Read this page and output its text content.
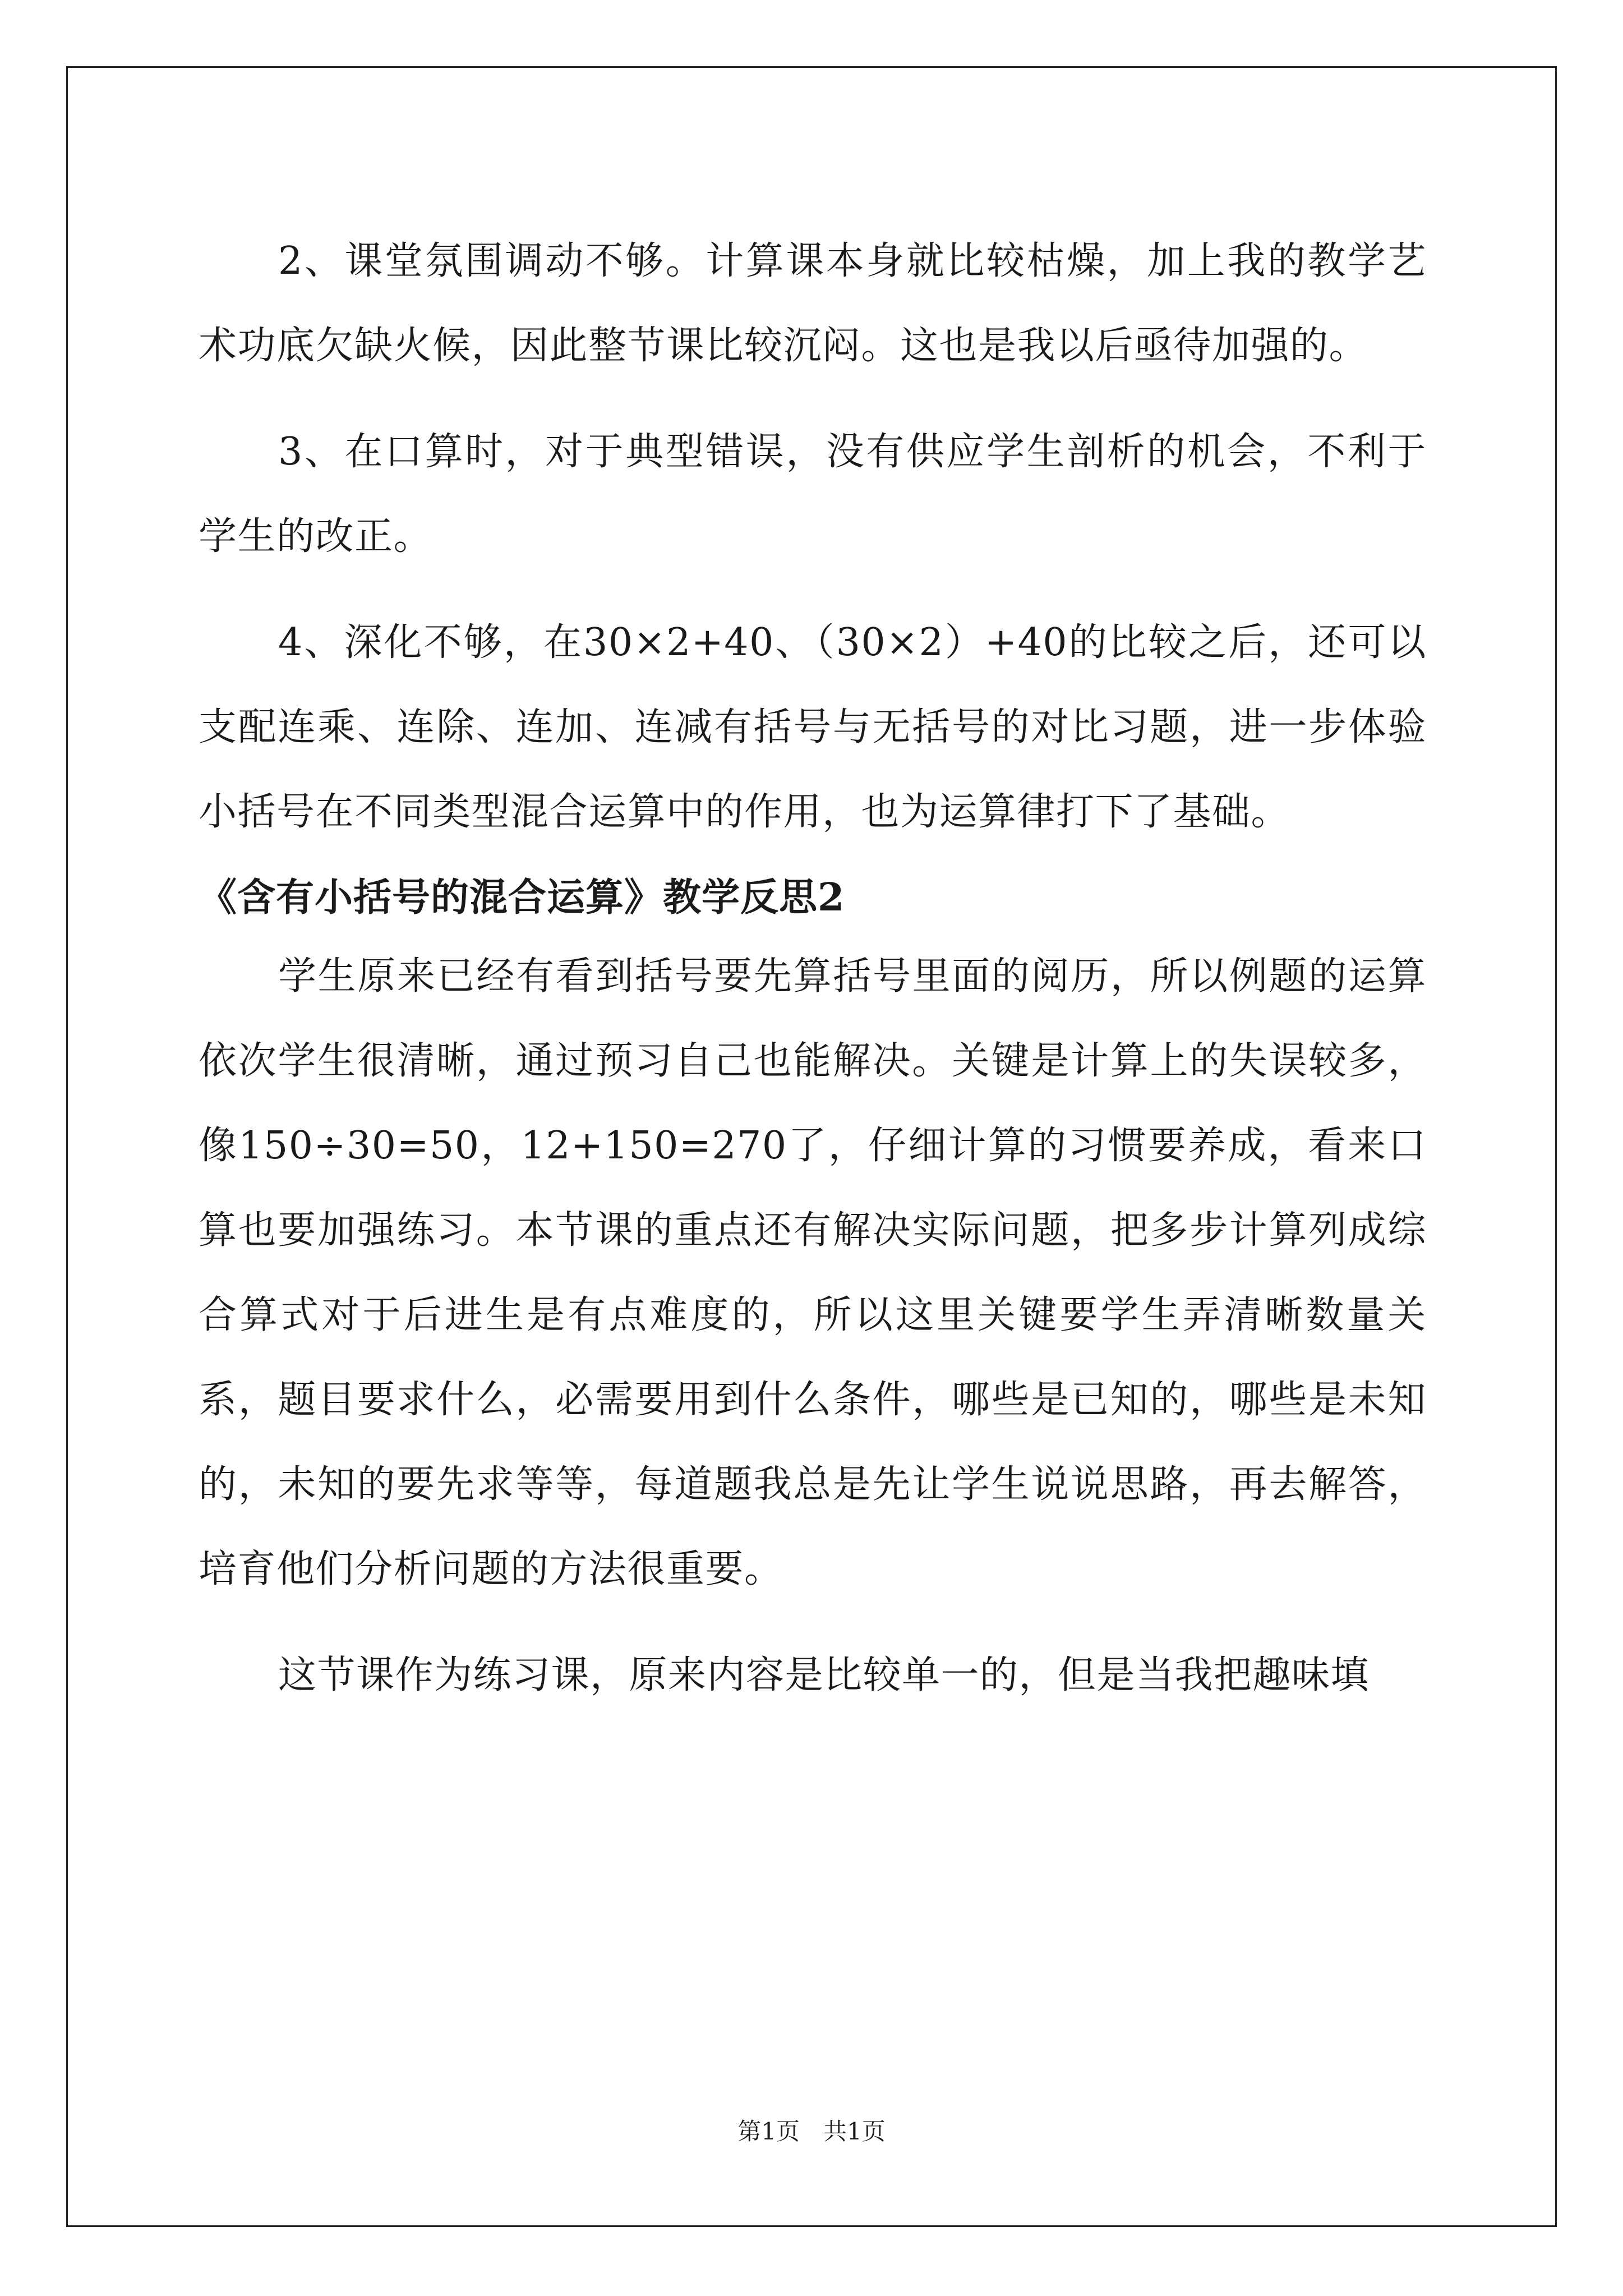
2、课堂氛围调动不够。计算课本身就比较枯燥，加上我的教学艺术功底欠缺火候，因此整节课比较沉闷。这也是我以后亟待加强的。

3、在口算时，对于典型错误，没有供应学生剖析的机会，不利于学生的改正。

4、深化不够，在30×2+40、（30×2）+40的比较之后，还可以支配连乘、连除、连加、连减有括号与无括号的对比习题，进一步体验小括号在不同类型混合运算中的作用，也为运算律打下了基础。

《含有小括号的混合运算》教学反思2

学生原来已经有看到括号要先算括号里面的阅历，所以例题的运算依次学生很清晰，通过预习自己也能解决。关键是计算上的失误较多，像150÷30=50，12+150=270了，仔细计算的习惯要养成，看来口算也要加强练习。本节课的重点还有解决实际问题，把多步计算列成综合算式对于后进生是有点难度的，所以这里关键要学生弄清晰数量关系，题目要求什么，必需要用到什么条件，哪些是已知的，哪些是未知的，未知的要先求等等，每道题我总是先让学生说说思路，再去解答，培育他们分析问题的方法很重要。

这节课作为练习课，原来内容是比较单一的，但是当我把趣味填

第1页　共1页
